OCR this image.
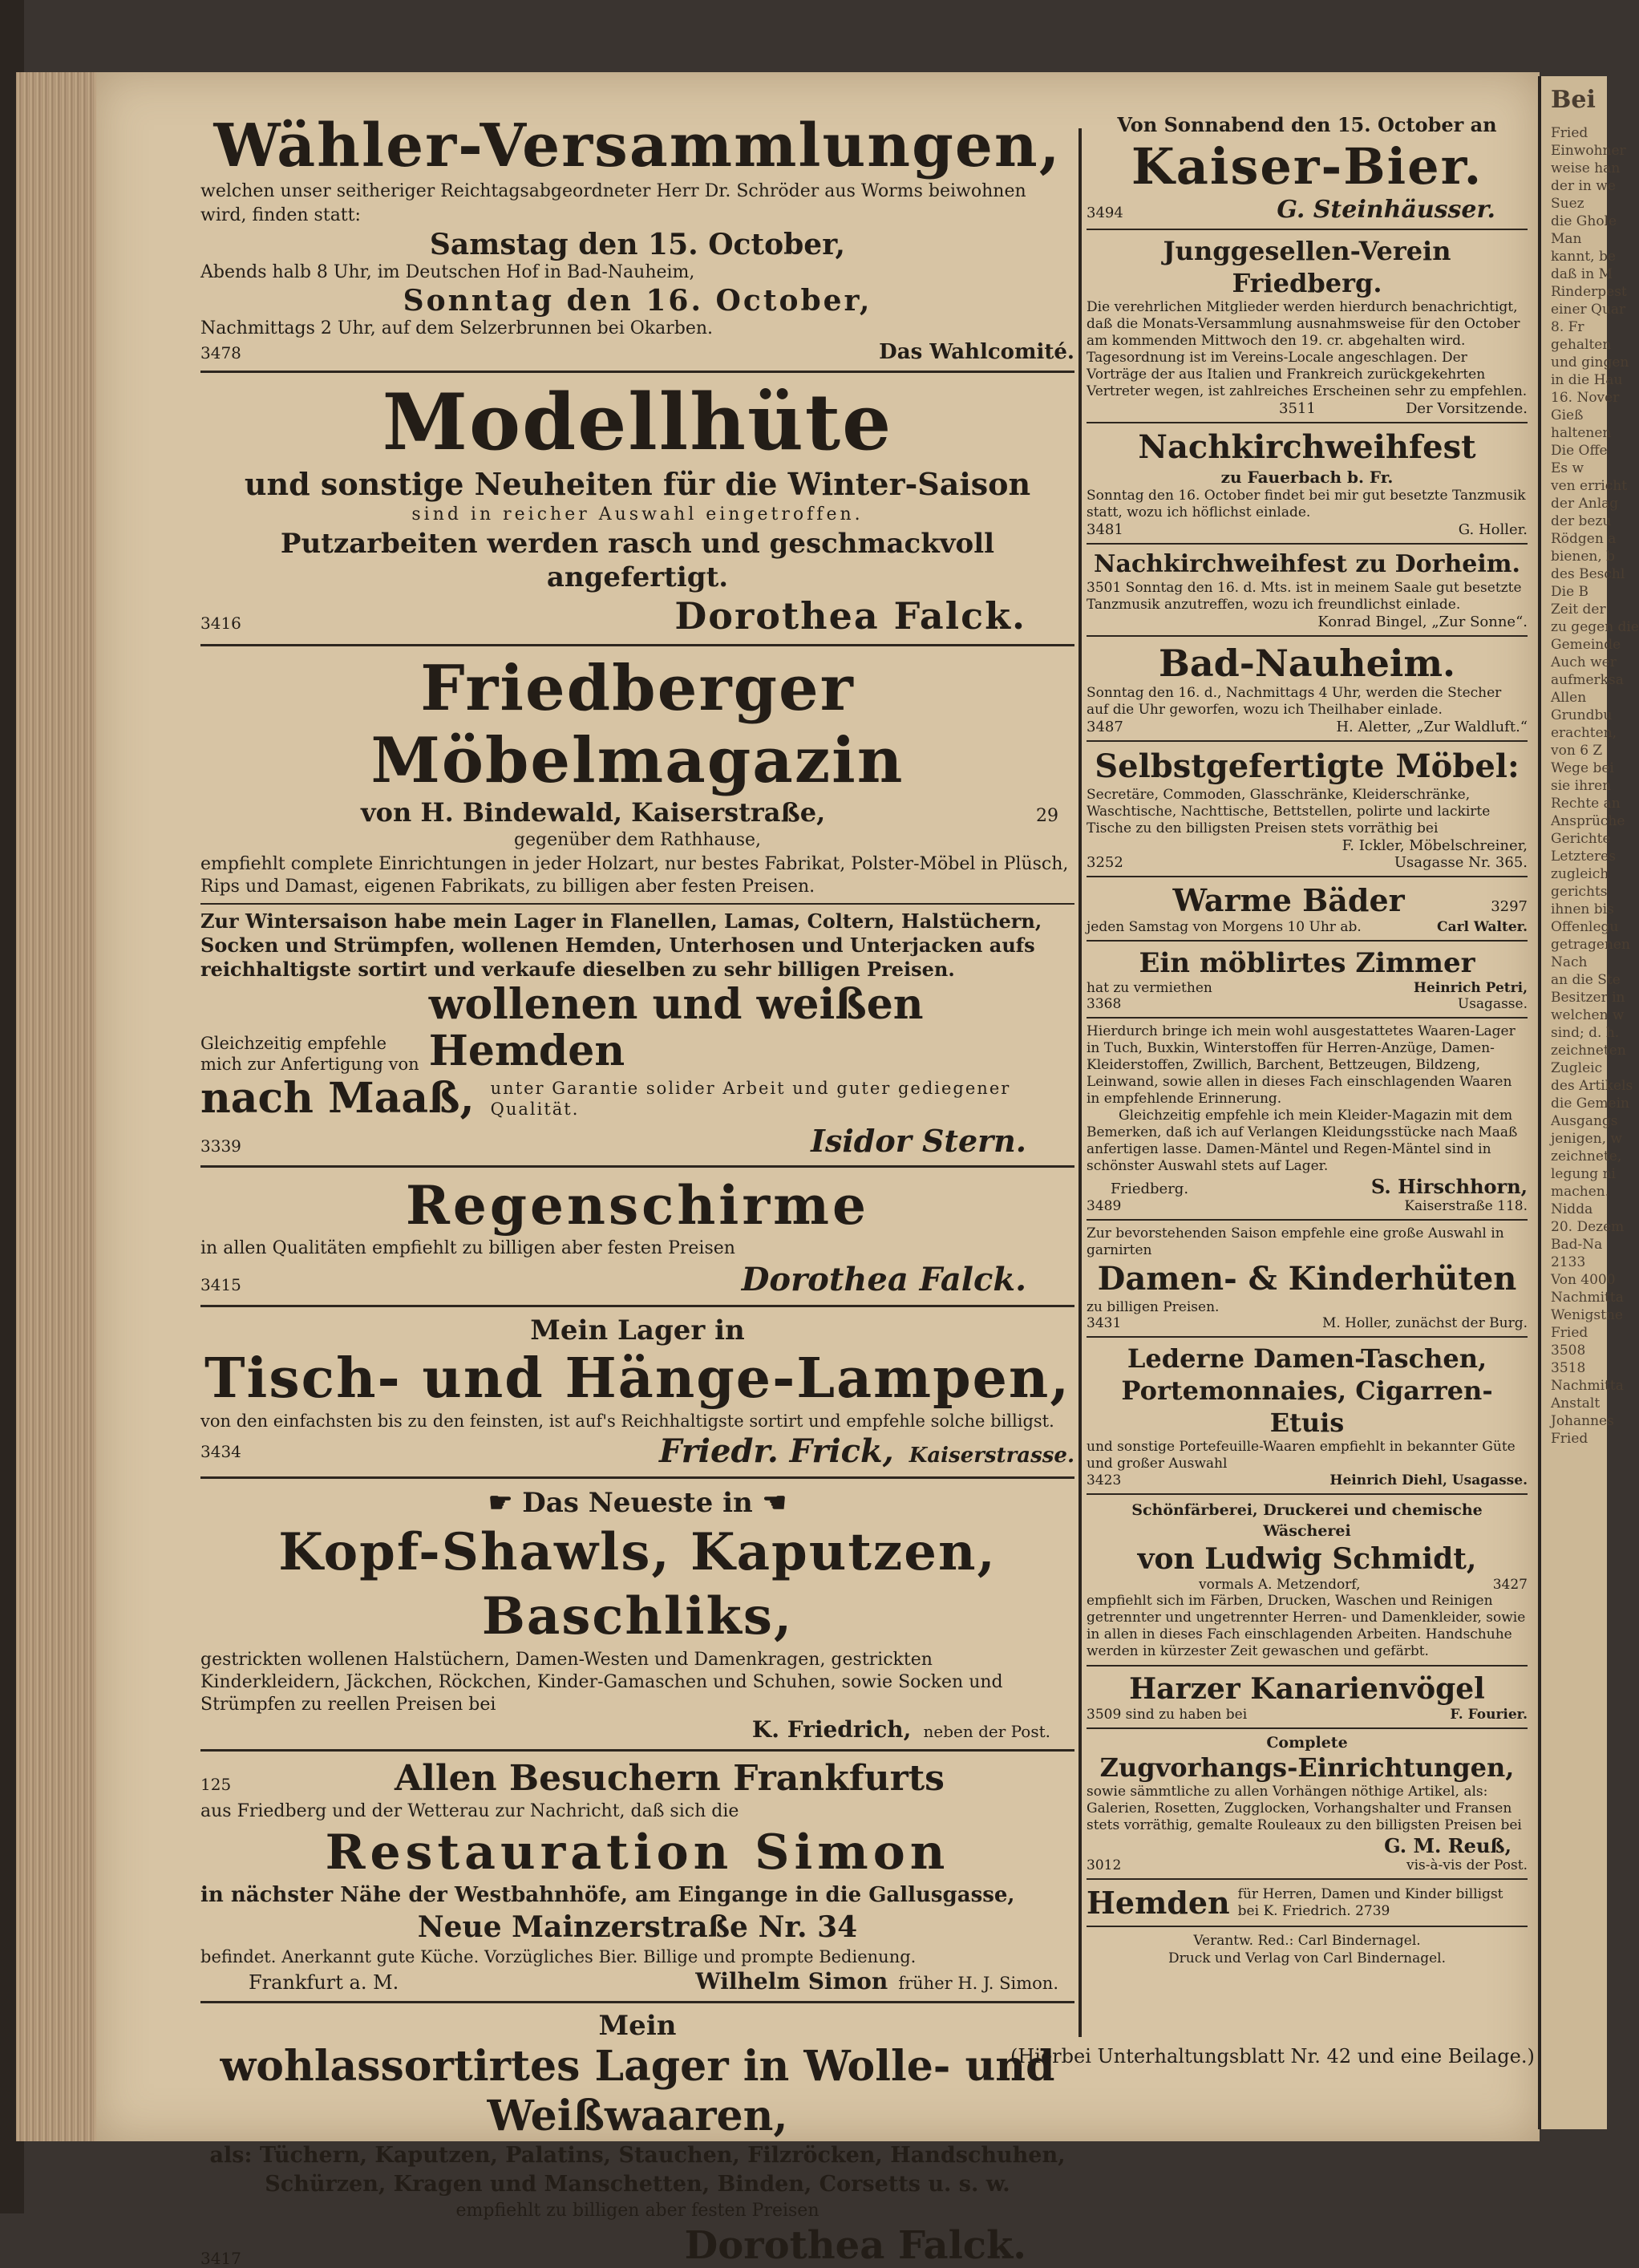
Bei
Fried
Einwohner
weise han
der in we
Suez
die Ghole
Man
kannt, be
daß in M
Rinderpest
einer Quar
8. Fr
gehalten
und gingen
in die Hau
16. Nover
Gieß
haltenen
Die Offe
Es w
ven erricht
der Anlag
der bezu
Rödgen a
bienen, b
des Beschl
Die B
Zeit der
zu gegen die
Gemeinde
Auch wer
aufmerksa
Allen
Grundbu
erachten,
von 6 Z
Wege bei
sie ihren
Rechte an
Ansprüche
Gerichte
Letzteres
zugleich
gerichts
ihnen bis
Offenlegu
getragenen
Nach
an die Ste
Besitzer in
welchen w
sind; d. h.
zeichneten
Zugleic
des Artikels
die Gemein
Ausgangs
jenigen, w
zeichnete,
legung ni
machen.
Nidda
20. Dezem
Bad-Na
2133
Von 4000
Nachmitta
Wenigstne
Fried
3508
3518
Nachmitta
Anstalt
Johannes
Fried
Wähler-Versammlungen,
welchen unser seitheriger Reichtagsabgeordneter Herr Dr. Schröder aus Worms beiwohnen wird, finden statt:
Samstag den 15. October,
Abends halb 8 Uhr, im Deutschen Hof in Bad-Nauheim,
Sonntag den 16. October,
Nachmittags 2 Uhr, auf dem Selzerbrunnen bei Okarben.
3478	Das Wahlcomité.
Modellhüte
und sonstige Neuheiten für die Winter-Saison
sind in reicher Auswahl eingetroffen.
Putzarbeiten werden rasch und geschmackvoll angefertigt.
3416	Dorothea Falck.
Friedberger Möbelmagazin
von H. Bindewald, Kaiserstraße,	29
gegenüber dem Rathhause,
empfiehlt complete Einrichtungen in jeder Holzart, nur bestes Fabrikat, Polster-Möbel in Plüsch, Rips und Damast, eigenen Fabrikats, zu billigen aber festen Preisen.
Zur Wintersaison habe mein Lager in Flanellen, Lamas, Coltern, Halstüchern, Socken und Strümpfen, wollenen Hemden, Unterhosen und Unterjacken aufs reichhaltigste sortirt und verkaufe dieselben zu sehr billigen Preisen.
Gleichzeitig empfehle mich zur Anfertigung von
wollenen und weißen Hemden
nach Maaß, unter Garantie solider Arbeit und guter gediegener Qualität.
3339	Isidor Stern.
Regenschirme
in allen Qualitäten empfiehlt zu billigen aber festen Preisen
3415	Dorothea Falck.
Mein Lager in
Tisch- und Hänge-Lampen,
von den einfachsten bis zu den feinsten, ist auf's Reichhaltigste sortirt und empfehle solche billigst.
3434	Friedr. Frick, Kaiserstrasse.
☛ Das Neueste in ☚
Kopf-Shawls, Kaputzen, Baschliks,
gestrickten wollenen Halstüchern, Damen-Westen und Damenkragen, gestrickten Kinderkleidern, Jäckchen, Röckchen, Kinder-Gamaschen und Schuhen, sowie Socken und Strümpfen zu reellen Preisen bei
K. Friedrich, neben der Post.
125	Allen Besuchern Frankfurts
aus Friedberg und der Wetterau zur Nachricht, daß sich die
Restauration Simon
in nächster Nähe der Westbahnhöfe, am Eingange in die Gallusgasse,
Neue Mainzerstraße Nr. 34
befindet. Anerkannt gute Küche. Vorzügliches Bier. Billige und prompte Bedienung.
Frankfurt a. M.	Wilhelm Simon früher H. J. Simon.
Mein
wohlassortirtes Lager in Wolle- und Weißwaaren,
als: Tüchern, Kaputzen, Palatins, Stauchen, Filzröcken, Handschuhen, Schürzen, Kragen und Manschetten, Binden, Corsetts u. s. w.
empfiehlt zu billigen aber festen Preisen
3417	Dorothea Falck.
Von Sonnabend den 15. October an
Kaiser-Bier.
3494	G. Steinhäusser.
Junggesellen-Verein Friedberg.
Die verehrlichen Mitglieder werden hierdurch benachrichtigt, daß die Monats-Versammlung ausnahmsweise für den October am kommenden Mittwoch den 19. cr. abgehalten wird. Tagesordnung ist im Vereins-Locale angeschlagen. Der Vorträge der aus Italien und Frankreich zurückgekehrten Vertreter wegen, ist zahlreiches Erscheinen sehr zu empfehlen.
3511	Der Vorsitzende.
Nachkirchweihfest
zu Fauerbach b. Fr.
Sonntag den 16. October findet bei mir gut besetzte Tanzmusik statt, wozu ich höflichst einlade.
3481	G. Holler.
Nachkirchweihfest zu Dorheim.
3501 Sonntag den 16. d. Mts. ist in meinem Saale gut besetzte Tanzmusik anzutreffen, wozu ich freundlichst einlade.
Konrad Bingel, „Zur Sonne“.
Bad-Nauheim.
Sonntag den 16. d., Nachmittags 4 Uhr, werden die Stecher auf die Uhr geworfen, wozu ich Theilhaber einlade.
3487	H. Aletter, „Zur Waldluft.“
Selbstgefertigte Möbel:
Secretäre, Commoden, Glasschränke, Kleiderschränke, Waschtische, Nachttische, Bettstellen, polirte und lackirte Tische zu den billigsten Preisen stets vorräthig bei
F. Ickler, Möbelschreiner,
3252	Usagasse Nr. 365.
Warme Bäder	3297
jeden Samstag von Morgens 10 Uhr ab.	Carl Walter.
Ein möblirtes Zimmer
hat zu vermiethen	Heinrich Petri,
3368	Usagasse.
Hierdurch bringe ich mein wohl ausgestattetes Waaren-Lager in Tuch, Buxkin, Winterstoffen für Herren-Anzüge, Damen-Kleiderstoffen, Zwillich, Barchent, Bettzeugen, Bildzeng, Leinwand, sowie allen in dieses Fach einschlagenden Waaren in empfehlende Erinnerung.
Gleichzeitig empfehle ich mein Kleider-Magazin mit dem Bemerken, daß ich auf Verlangen Kleidungsstücke nach Maaß anfertigen lasse. Damen-Mäntel und Regen-Mäntel sind in schönster Auswahl stets auf Lager.
Friedberg.	S. Hirschhorn,
3489	Kaiserstraße 118.
Zur bevorstehenden Saison empfehle eine große Auswahl in garnirten
Damen- & Kinderhüten
zu billigen Preisen.
3431	M. Holler, zunächst der Burg.
Lederne Damen-Taschen, Portemonnaies, Cigarren-Etuis
und sonstige Portefeuille-Waaren empfiehlt in bekannter Güte und großer Auswahl
3423	Heinrich Diehl, Usagasse.
Schönfärberei, Druckerei und chemische Wäscherei
von Ludwig Schmidt,
vormals A. Metzendorf,	3427
empfiehlt sich im Färben, Drucken, Waschen und Reinigen getrennter und ungetrennter Herren- und Damenkleider, sowie in allen in dieses Fach einschlagenden Arbeiten. Handschuhe werden in kürzester Zeit gewaschen und gefärbt.
Harzer Kanarienvögel
3509 sind zu haben bei	F. Fourier.
Complete
Zugvorhangs-Einrichtungen,
sowie sämmtliche zu allen Vorhängen nöthige Artikel, als: Galerien, Rosetten, Zugglocken, Vorhangshalter und Fransen stets vorräthig, gemalte Rouleaux zu den billigsten Preisen bei
G. M. Reuß,
3012	vis-à-vis der Post.
Hemden für Herren, Damen und Kinder billigst bei K. Friedrich. 2739
Verantw. Red.: Carl Bindernagel.
Druck und Verlag von Carl Bindernagel.
(Hierbei Unterhaltungsblatt Nr. 42 und eine Beilage.)
